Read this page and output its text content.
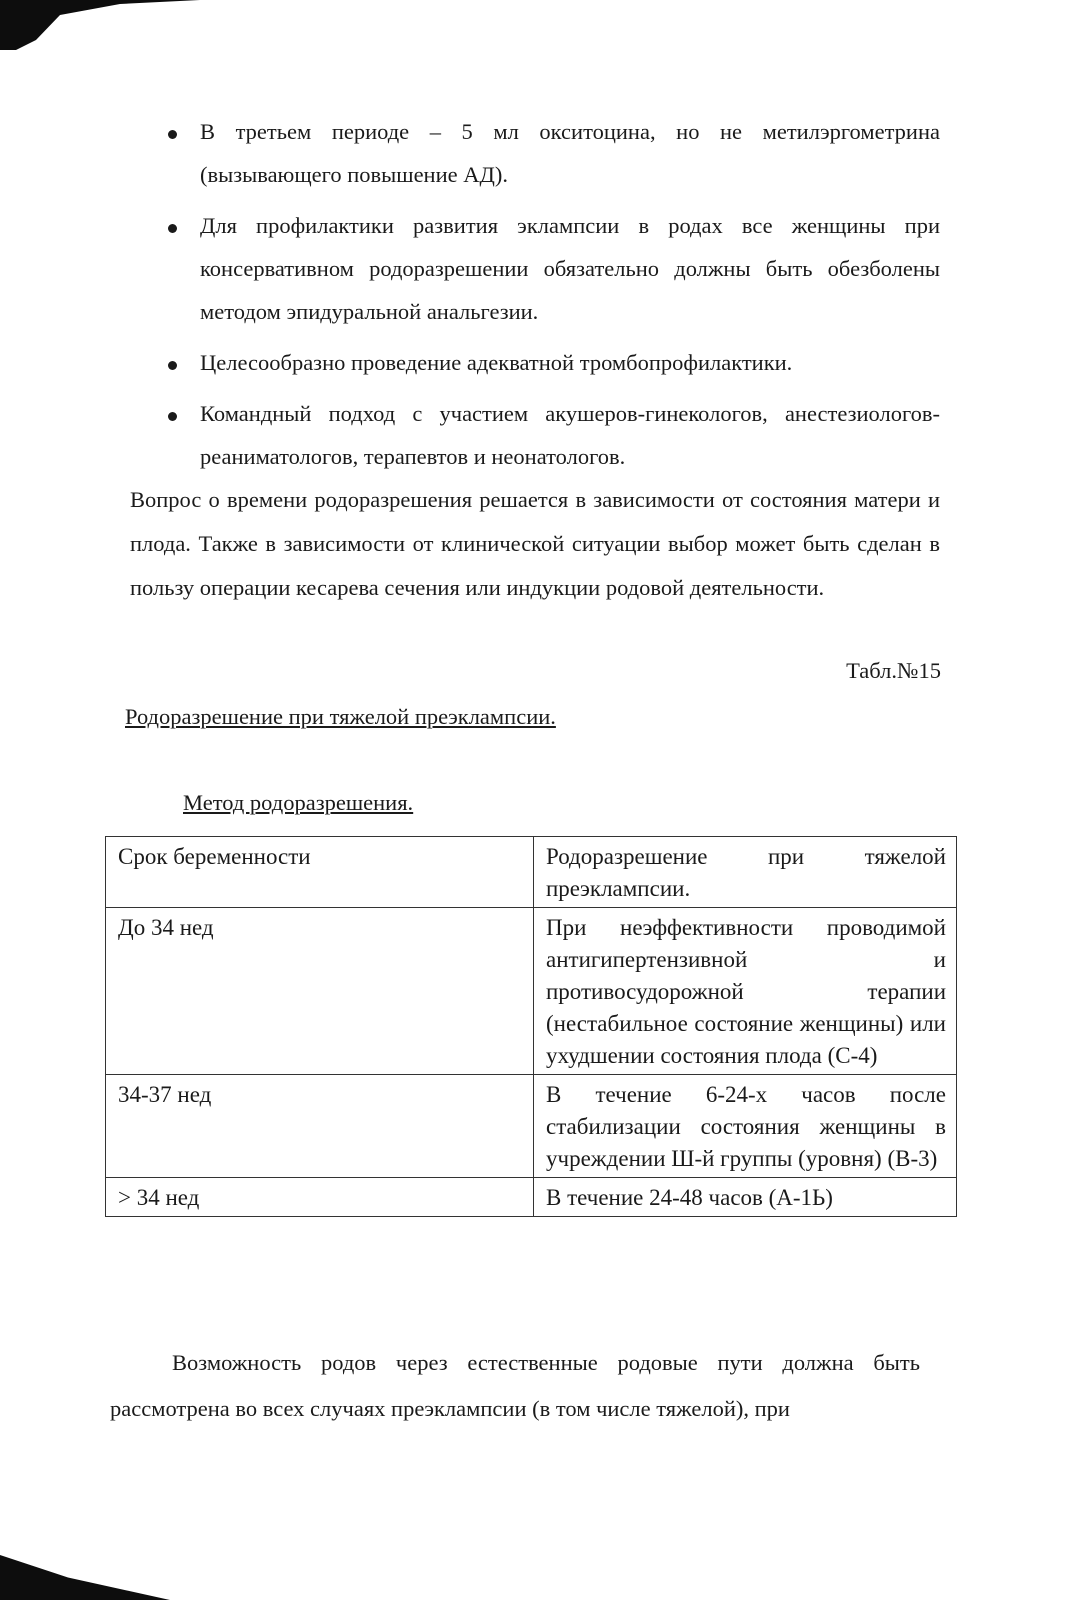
В третьем периоде – 5 мл окситоцина, но не метилэргометрина (вызывающего повышение АД).
Для профилактики развития эклампсии в родах все женщины при консервативном родоразрешении обязательно должны быть обезболены методом эпидуральной анальгезии.
Целесообразно проведение адекватной тромбопрофилактики.
Командный подход с участием акушеров-гинекологов, анестезиологов-реаниматологов, терапевтов и неонатологов.
Вопрос о времени родоразрешения решается в зависимости от состояния матери и плода. Также в зависимости от клинической ситуации выбор может быть сделан в пользу операции кесарева сечения или индукции родовой деятельности.
Табл.№15
Родоразрешение при тяжелой преэклампсии.
Метод родоразрешения.
Срок беременности	Родоразрешение при тяжелой преэклампсии.
До 34 нед	При неэффективности проводимой антигипертензивной и противосудорожной терапии (нестабильное состояние женщины) или ухудшении состояния плода (С-4)
34-37 нед	В течение 6-24-х часов после стабилизации состояния женщины в учреждении Ш-й группы (уровня) (В-3)
> 34 нед	В течение 24-48 часов (А-1Ь)
Возможность родов через естественные родовые пути должна быть рассмотрена во всех случаях преэклампсии (в том числе тяжелой), при
